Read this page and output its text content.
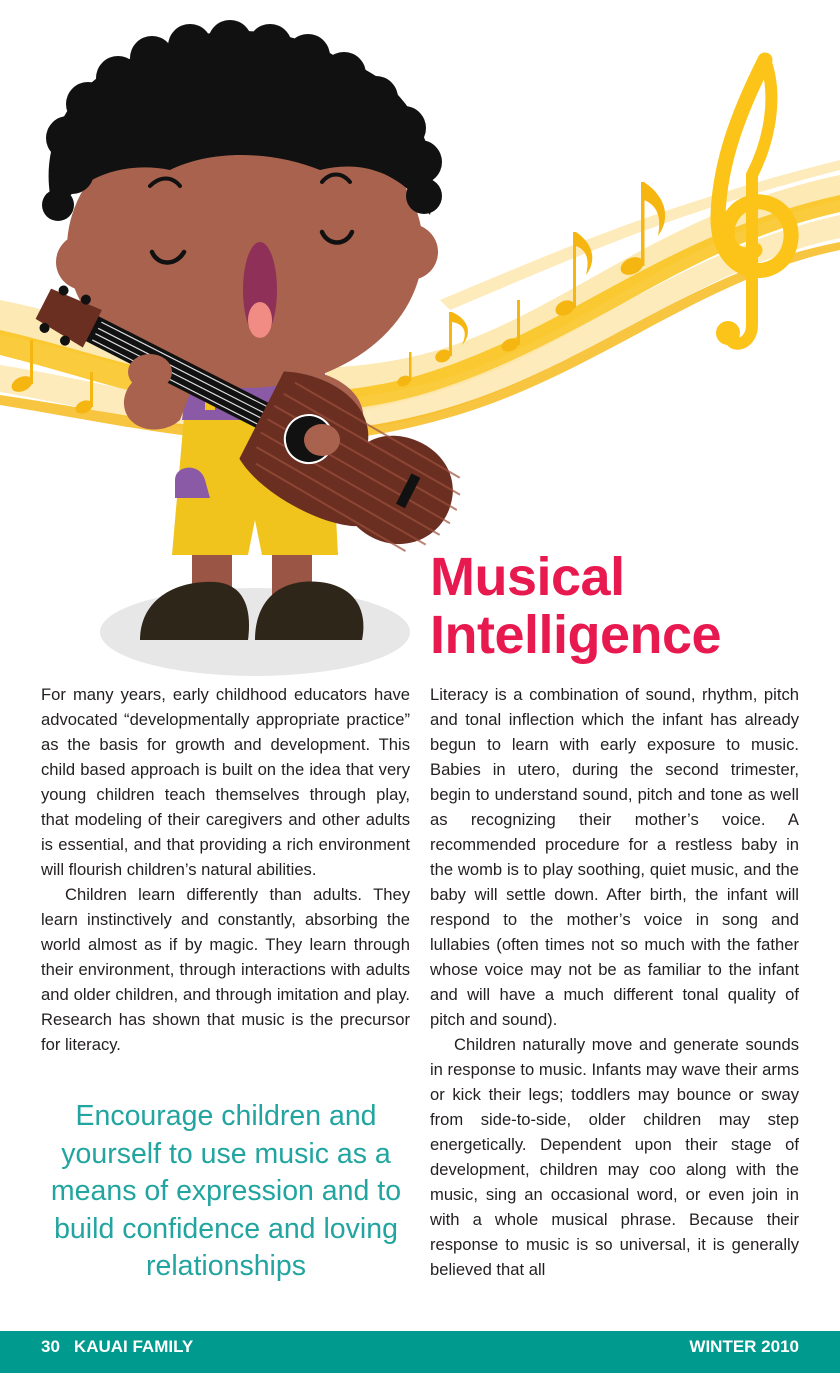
Musical
Intelligence

For many years, early childhood educators have advocated “developmentally appropriate practice” as the basis for growth and development. This child based approach is built on the idea that very young children teach themselves through play, that modeling of their caregivers and other adults is essential, and that providing a rich environment will flourish children’s natural abilities.

Children learn differently than adults. They learn instinctively and constantly, absorbing the world almost as if by magic. They learn through their environment, through interactions with adults and older children, and through imitation and play. Research has shown that music is the precursor for literacy.

Encourage children and yourself to use music as a means of expression and to build confidence and loving relationships

Literacy is a combination of sound, rhythm, pitch and tonal inflection which the infant has already begun to learn with early exposure to music. Babies in utero, during the second trimester, begin to understand sound, pitch and tone as well as recognizing their mother’s voice. A recommended procedure for a restless baby in the womb is to play soothing, quiet music, and the baby will settle down. After birth, the infant will respond to the mother’s voice in song and lullabies (often times not so much with the father whose voice may not be as familiar to the infant and will have a much different tonal quality of pitch and sound).

Children naturally move and generate sounds in response to music. Infants may wave their arms or kick their legs; toddlers may bounce or sway from side-to-side, older children may step energetically. Dependent upon their stage of development, children may coo along with the music, sing an occasional word, or even join in with a whole musical phrase. Because their response to music is so universal, it is generally believed that all

30 KAUAI FAMILY	WINTER 2010
